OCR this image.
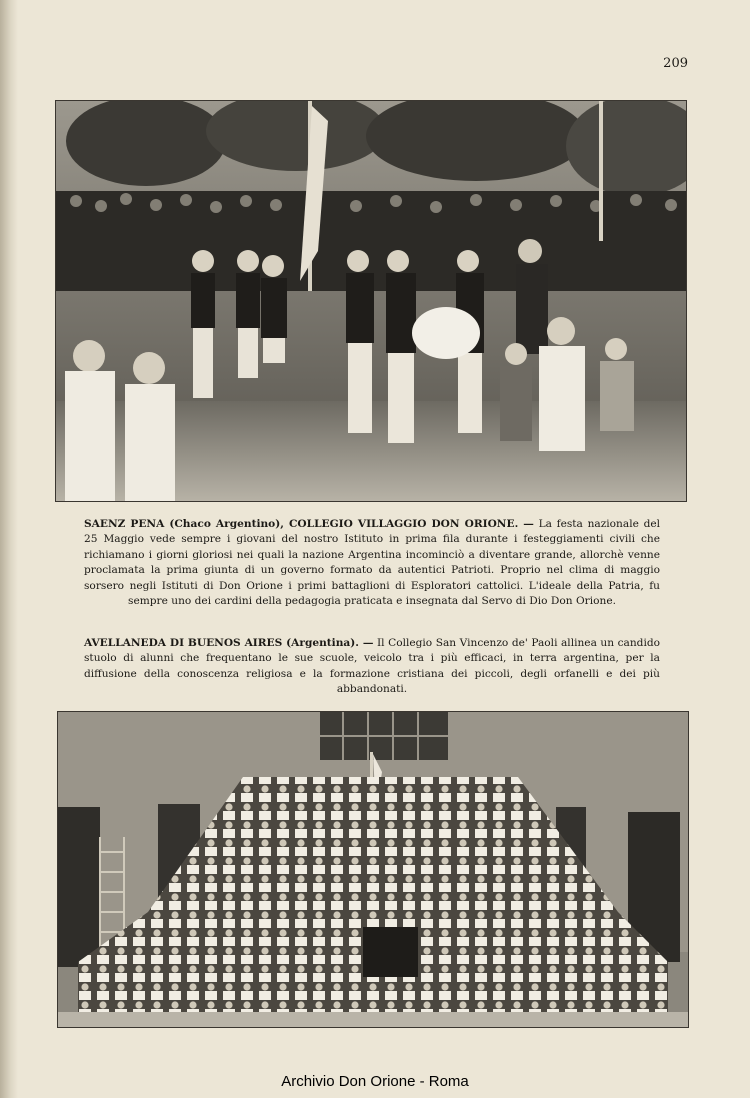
209
SAENZ PENA (Chaco Argentino), COLLEGIO VILLAGGIO DON ORIONE. — La festa nazionale del 25 Maggio vede sempre i giovani del nostro Istituto in prima fila durante i festeggiamenti civili che richiamano i giorni gloriosi nei quali la nazione Argentina incominciò a diventare grande, allorchè venne proclamata la prima giunta di un governo formato da autentici Patrioti. Proprio nel clima di maggio sorsero negli Istituti di Don Orione i primi battaglioni di Esploratori cattolici. L'ideale della Patria, fu sempre uno dei cardini della pedagogia praticata e insegnata dal Servo di Dio Don Orione.
AVELLANEDA DI BUENOS AIRES (Argentina). — Il Collegio San Vincenzo de' Paoli allinea un candido stuolo di alunni che frequentano le sue scuole, veicolo tra i più efficaci, in terra argentina, per la diffusione della conoscenza religiosa e la formazione cristiana dei piccoli, degli orfanelli e dei più abbandonati.
Archivio Don Orione - Roma
